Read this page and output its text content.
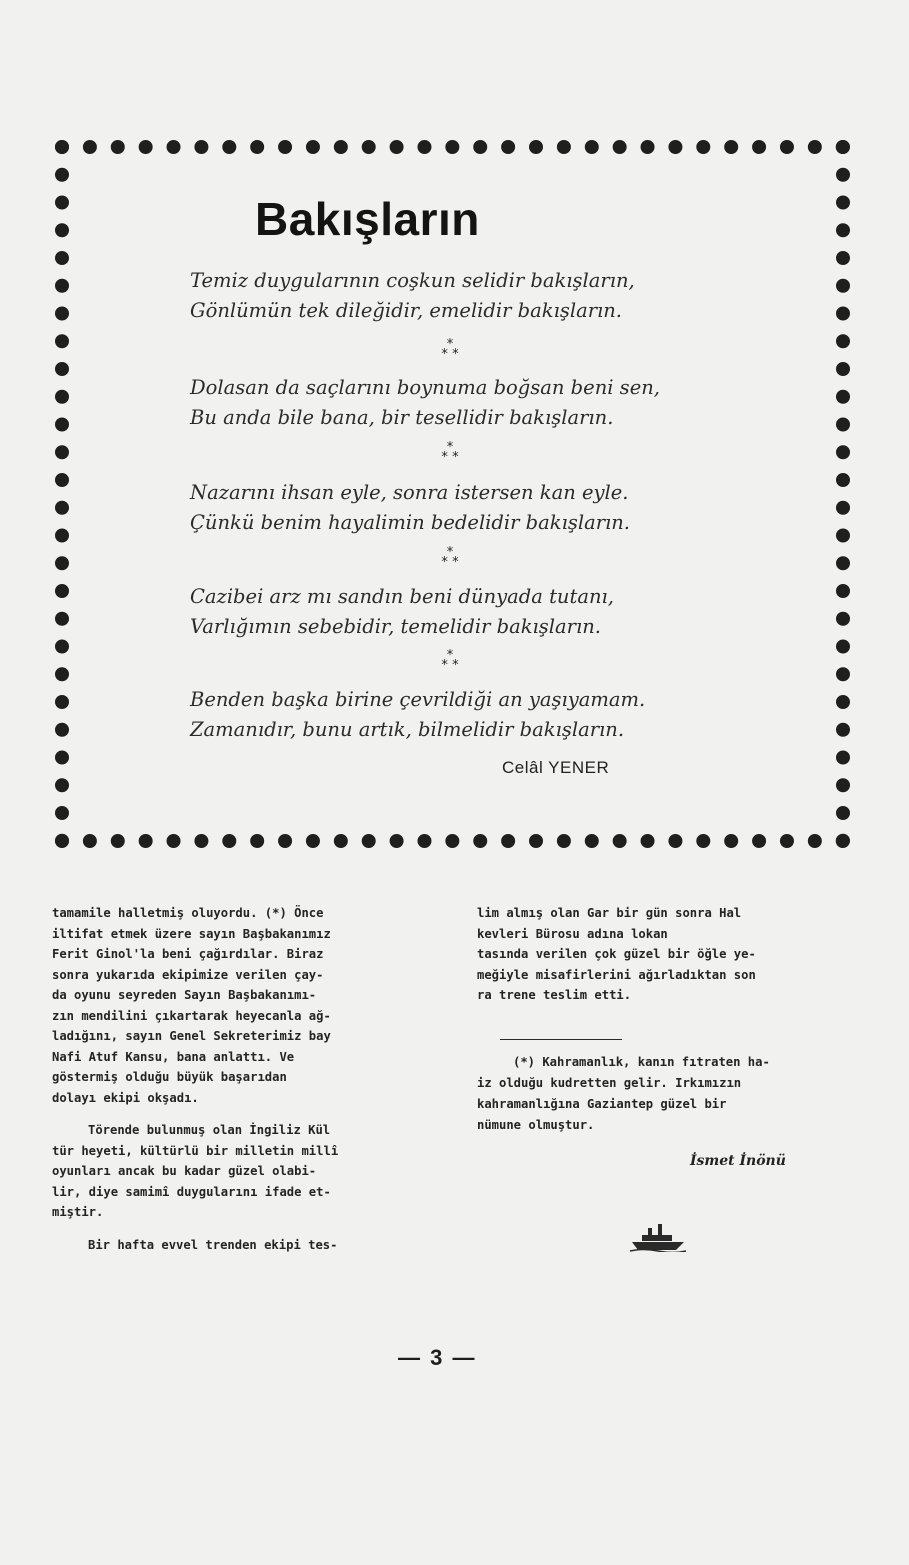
Bakışların
Temiz duygularının coşkun selidir bakışların,
Gönlümün tek dileğidir, emelidir bakışların.
*
* *
Dolasan da saçlarını boynuma boğsan beni sen,
Bu anda bile bana, bir tesellidir bakışların.
*
* *
Nazarını ihsan eyle, sonra istersen kan eyle.
Çünkü benim hayalimin bedelidir bakışların.
*
* *
Cazibei arz mı sandın beni dünyada tutanı,
Varlığımın sebebidir, temelidir bakışların.
*
* *
Benden başka birine çevrildiği an yaşıyamam.
Zamanıdır, bunu artık, bilmelidir bakışların.
Celâl YENER
tamamile halletmiş oluyordu. (*) Önce
iltifat etmek üzere sayın Başbakanımız
Ferit Ginol'la beni çağırdılar. Biraz
sonra yukarıda ekipimize verilen çay-
da oyunu seyreden Sayın Başbakanımı-
zın mendilini çıkartarak heyecanla ağ-
ladığını, sayın Genel Sekreterimiz bay
Nafi Atuf Kansu, bana anlattı. Ve
göstermiş olduğu büyük başarıdan
dolayı ekipi okşadı.
Törende bulunmuş olan İngiliz Kül
tür heyeti, kültürlü bir milletin millî
oyunları ancak bu kadar güzel olabi-
lir, diye samimî duygularını ifade et-
miştir.
Bir hafta evvel trenden ekipi tes-
lim almış olan Gar bir gün sonra Hal
kevleri Bürosu adına lokan
tasında verilen çok güzel bir öğle ye-
meğiyle misafirlerini ağırladıktan son
ra trene teslim etti.
(*) Kahramanlık, kanın fıtraten ha-
iz olduğu kudretten gelir. Irkımızın
kahramanlığına Gaziantep güzel bir
nümune olmuştur.
İsmet İnönü
— 3 —
